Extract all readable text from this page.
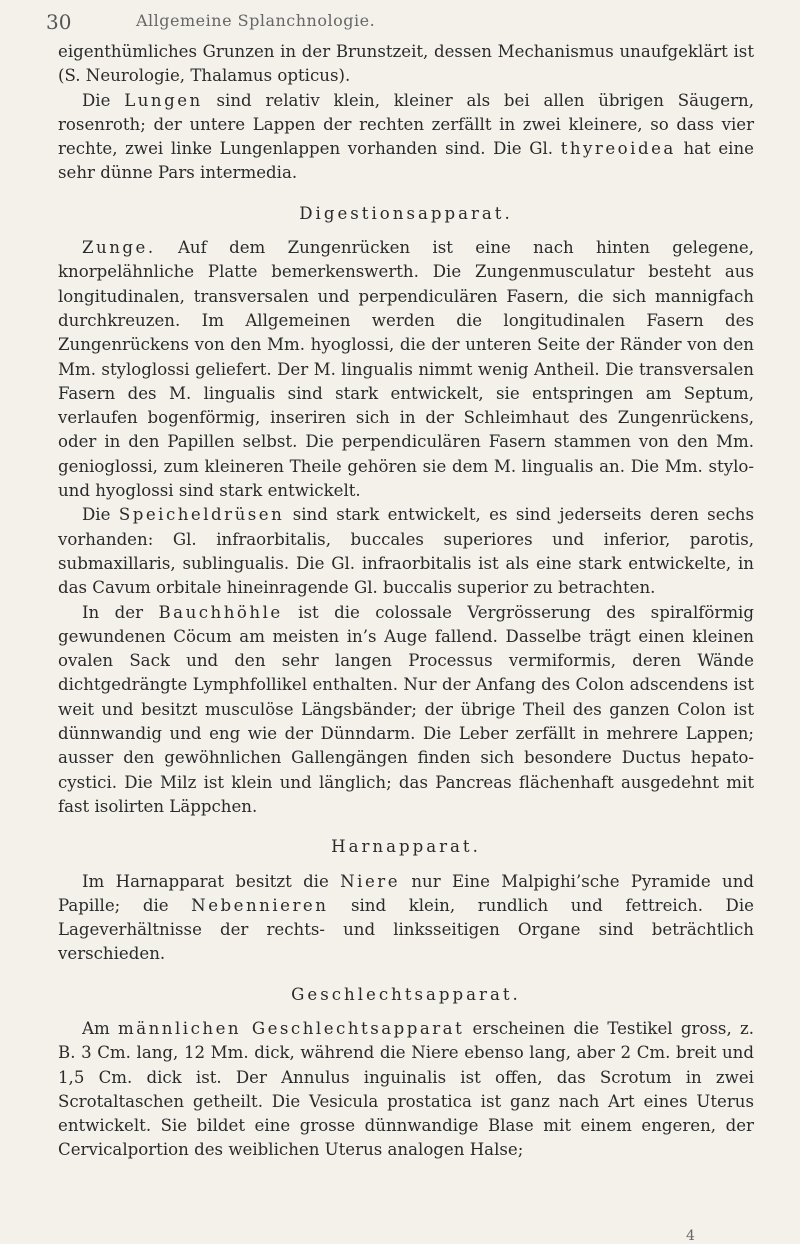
30	Allgemeine Splanchnologie.

eigenthümliches Grunzen in der Brunstzeit, dessen Mechanismus unaufgeklärt ist (S. Neurologie, Thalamus opticus).

Die Lungen sind relativ klein, kleiner als bei allen übrigen Säugern, rosenroth; der untere Lappen der rechten zerfällt in zwei kleinere, so dass vier rechte, zwei linke Lungenlappen vorhanden sind. Die Gl. thyreoidea hat eine sehr dünne Pars intermedia.

Digestionsapparat.

Zunge. Auf dem Zungenrücken ist eine nach hinten gelegene, knorpelähnliche Platte bemerkenswerth. Die Zungenmusculatur besteht aus longitudinalen, transversalen und perpendiculären Fasern, die sich mannigfach durchkreuzen. Im Allgemeinen werden die longitudinalen Fasern des Zungenrückens von den Mm. hyoglossi, die der unteren Seite der Ränder von den Mm. styloglossi geliefert. Der M. lingualis nimmt wenig Antheil. Die transversalen Fasern des M. lingualis sind stark entwickelt, sie entspringen am Septum, verlaufen bogenförmig, inseriren sich in der Schleimhaut des Zungenrückens, oder in den Papillen selbst. Die perpendiculären Fasern stammen von den Mm. genioglossi, zum kleineren Theile gehören sie dem M. lingualis an. Die Mm. stylo- und hyoglossi sind stark entwickelt.

Die Speicheldrüsen sind stark entwickelt, es sind jederseits deren sechs vorhanden: Gl. infraorbitalis, buccales superiores und inferior, parotis, submaxillaris, sublingualis. Die Gl. infraorbitalis ist als eine stark entwickelte, in das Cavum orbitale hineinragende Gl. buccalis superior zu betrachten.

In der Bauchhöhle ist die colossale Vergrösserung des spiralförmig gewundenen Cöcum am meisten in’s Auge fallend. Dasselbe trägt einen kleinen ovalen Sack und den sehr langen Processus vermiformis, deren Wände dichtgedrängte Lymphfollikel enthalten. Nur der Anfang des Colon adscendens ist weit und besitzt musculöse Längsbänder; der übrige Theil des ganzen Colon ist dünnwandig und eng wie der Dünndarm. Die Leber zerfällt in mehrere Lappen; ausser den gewöhnlichen Gallengängen finden sich besondere Ductus hepato-cystici. Die Milz ist klein und länglich; das Pancreas flächenhaft ausgedehnt mit fast isolirten Läppchen.

Harnapparat.

Im Harnapparat besitzt die Niere nur Eine Malpighi’sche Pyramide und Papille; die Nebennieren sind klein, rundlich und fettreich. Die Lageverhältnisse der rechts- und linksseitigen Organe sind beträchtlich verschieden.

Geschlechtsapparat.

Am männlichen Geschlechtsapparat erscheinen die Testikel gross, z. B. 3 Cm. lang, 12 Mm. dick, während die Niere ebenso lang, aber 2 Cm. breit und 1,5 Cm. dick ist. Der Annulus inguinalis ist offen, das Scrotum in zwei Scrotaltaschen getheilt. Die Vesicula prostatica ist ganz nach Art eines Uterus entwickelt. Sie bildet eine grosse dünnwandige Blase mit einem engeren, der Cervicalportion des weiblichen Uterus analogen Halse;

4
